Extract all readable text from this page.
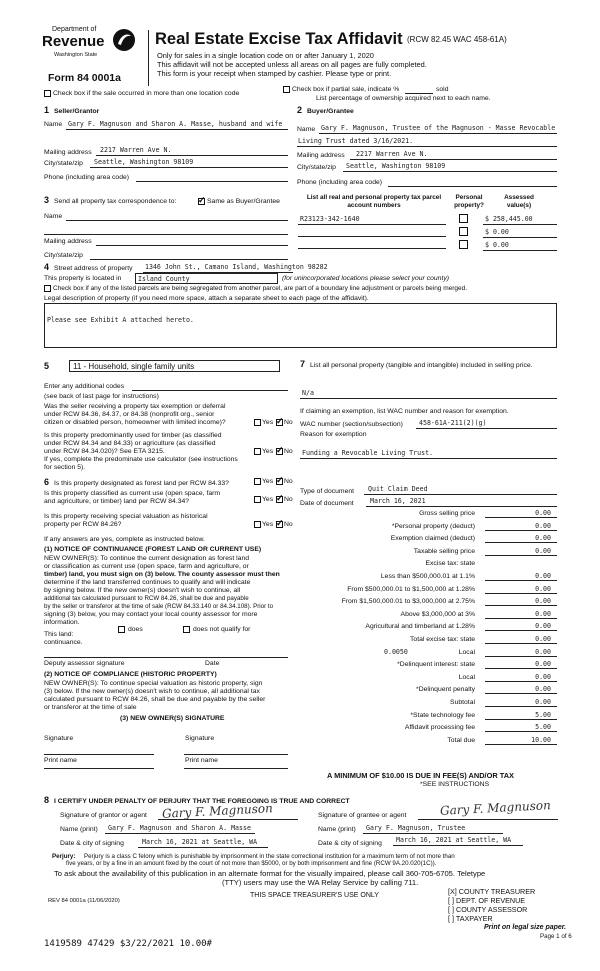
Department of
Revenue
Washington State
Form 84 0001a
Real Estate Excise Tax Affidavit (RCW 82.45 WAC 458-61A)
Only for sales in a single location code on or after January 1, 2020
This affidavit will not be accepted unless all areas on all pages are fully completed.
This form is your receipt when stamped by cashier. Please type or print.
Check box if the sale occurred in more than one location code
Check box if partial sale, indicate %	sold
List percentage of ownership acquired next to each name.
1 Seller/Grantor
Name Gary F. Magnuson and Sharon A. Masse, husband and wife
Mailing address 2217 Warren Ave N.
City/state/zip Seattle, Washington 98109
Phone (including area code)
2 Buyer/Grantee
Name Gary F. Magnuson, Trustee of the Magnuson - Masse Revocable
Living Trust dated 3/16/2021.
Mailing address 2217 Warren Ave N.
City/state/zip Seattle, Washington 98109
Phone (including area code)
3 Send all property tax correspondence to: ✓	Same as Buyer/Grantee
Name
Mailing address
City/state/zip
List all real and personal property tax parcel account numbers
Personal property?
Assessed value(s)
R23123-342-1640	$ 258,445.00
$ 0.00
$ 0.00
4 Street address of property 1346 John St., Camano Island, Washington 98282
This property is located in	Island County	(for unincorporated locations please select your county)
Check box if any of the listed parcels are being segregated from another parcel, are part of a boundary line adjustment or parcels being merged.
Legal description of property (if you need more space, attach a separate sheet to each page of the affidavit).
Please see Exhibit A attached hereto.
5	11 - Household, single family units
Enter any additional codes
(see back of last page for instructions)
Was the seller receiving a property tax exemption or deferral
under RCW 84.36, 84.37, or 84.38 (nonprofit org., senior
citizen or disabled person, homeowner with limited income)?	Yes ✓ No
Is this property predominantly used for timber (as classified
under RCW 84.34 and 84.33) or agriculture (as classified
under RCW 84.34.020)? See ETA 3215.	Yes ✓ No
If yes, complete the predominate use calculator (see instructions
for section 5).
6 Is this property designated as forest land per RCW 84.33?	Yes ✓ No
Is this property classified as current use (open space, farm
and agriculture, or timber) land per RCW 84.34?	Yes ✓ No
Is this property receiving special valuation as historical
property per RCW 84.26?	Yes ✓ No
If any answers are yes, complete as instructed below.
(1) NOTICE OF CONTINUANCE (FOREST LAND OR CURRENT USE)
NEW OWNER(S): To continue the current designation as forest land
or classification as current use (open space, farm and agriculture, or
timber) land, you must sign on (3) below. The county assessor must then
determine if the land transferred continues to qualify and will indicate
by signing below. If the new owner(s) doesn't wish to continue, all
additional tax calculated pursuant to RCW 84.26, shall be due and payable
by the seller or transferor at the time of sale (RCW 84.33.140 or 84.34.108). Prior to
signing (3) below, you may contact your local county assessor for more
information.
This land:
continuance.
does	does not qualify for
Deputy assessor signature	Date
(2) NOTICE OF COMPLIANCE (HISTORIC PROPERTY)
NEW OWNER(S): To continue special valuation as historic property, sign
(3) below. If the new owner(s) doesn't wish to continue, all additional tax
calculated pursuant to RCW 84.26, shall be due and payable by the seller
or transferor at the time of sale
(3) NEW OWNER(S) SIGNATURE
Signature	Signature
Print name	Print name
7 List all personal property (tangible and intangible) included in selling price.
N/a
If claiming an exemption, list WAC number and reason for exemption.
WAC number (section/subsection) 458-61A-211(2)(g)
Reason for exemption
Funding a Revocable Living Trust.
Type of document Quit Claim Deed
Date of document March 16, 2021
Gross selling price	0.00
*Personal property (deduct)	0.00
Exemption claimed (deduct)	0.00
Taxable selling price	0.00
Excise tax: state
Less than $500,000.01 at 1.1%	0.00
From $500,000.01 to $1,500,000 at 1.28%	0.00
From $1,500,000.01 to $3,000,000 at 2.75%	0.00
Above $3,000,000 at 3%	0.00
Agricultural and timberland at 1.28%	0.00
Total excise tax: state	0.00
Local	0.00
*Delinquent interest: state	0.00
Local	0.00
*Delinquent penalty	0.00
Subtotal	0.00
*State technology fee	5.00
Affidavit processing fee	5.00
Total due	10.00
0.0050
A MINIMUM OF $10.00 IS DUE IN FEE(S) AND/OR TAX
*SEE INSTRUCTIONS
8 I CERTIFY UNDER PENALTY OF PERJURY THAT THE FOREGOING IS TRUE AND CORRECT
Signature of grantor or agent Gary F. Magnuson
Name (print) Gary F. Magnuson and Sharon A. Masse
Date & city of signing	March 16, 2021 at Seattle, WA
Signature of grantee or agent	Gary F. Magnuson
Name (print) Gary F. Magnuson, Trustee
Date & city of signing March 16, 2021 at Seattle, WA
Perjury: Perjury is a class C felony which is punishable by imprisonment in the state correctional institution for a maximum term of not more than
five years, or by a fine in an amount fixed by the court of not more than $5000, or by both imprisonment and fine (RCW 9A.20.020(1C)).
To ask about the availability of this publication in an alternate format for the visually impaired, please call 360-705-6705. Teletype
(TTY) users may use the WA Relay Service by calling 711.
REV 84 0001a (11/06/2020)
THIS SPACE TREASURER'S USE ONLY	[X] COUNTY TREASURER
[ ] DEPT. OF REVENUE
[ ] COUNTY ASSESSOR
[ ] TAXPAYER
Print on legal size paper.
Page 1 of 6
1419589 47429 $3/22/2021 10.00#
